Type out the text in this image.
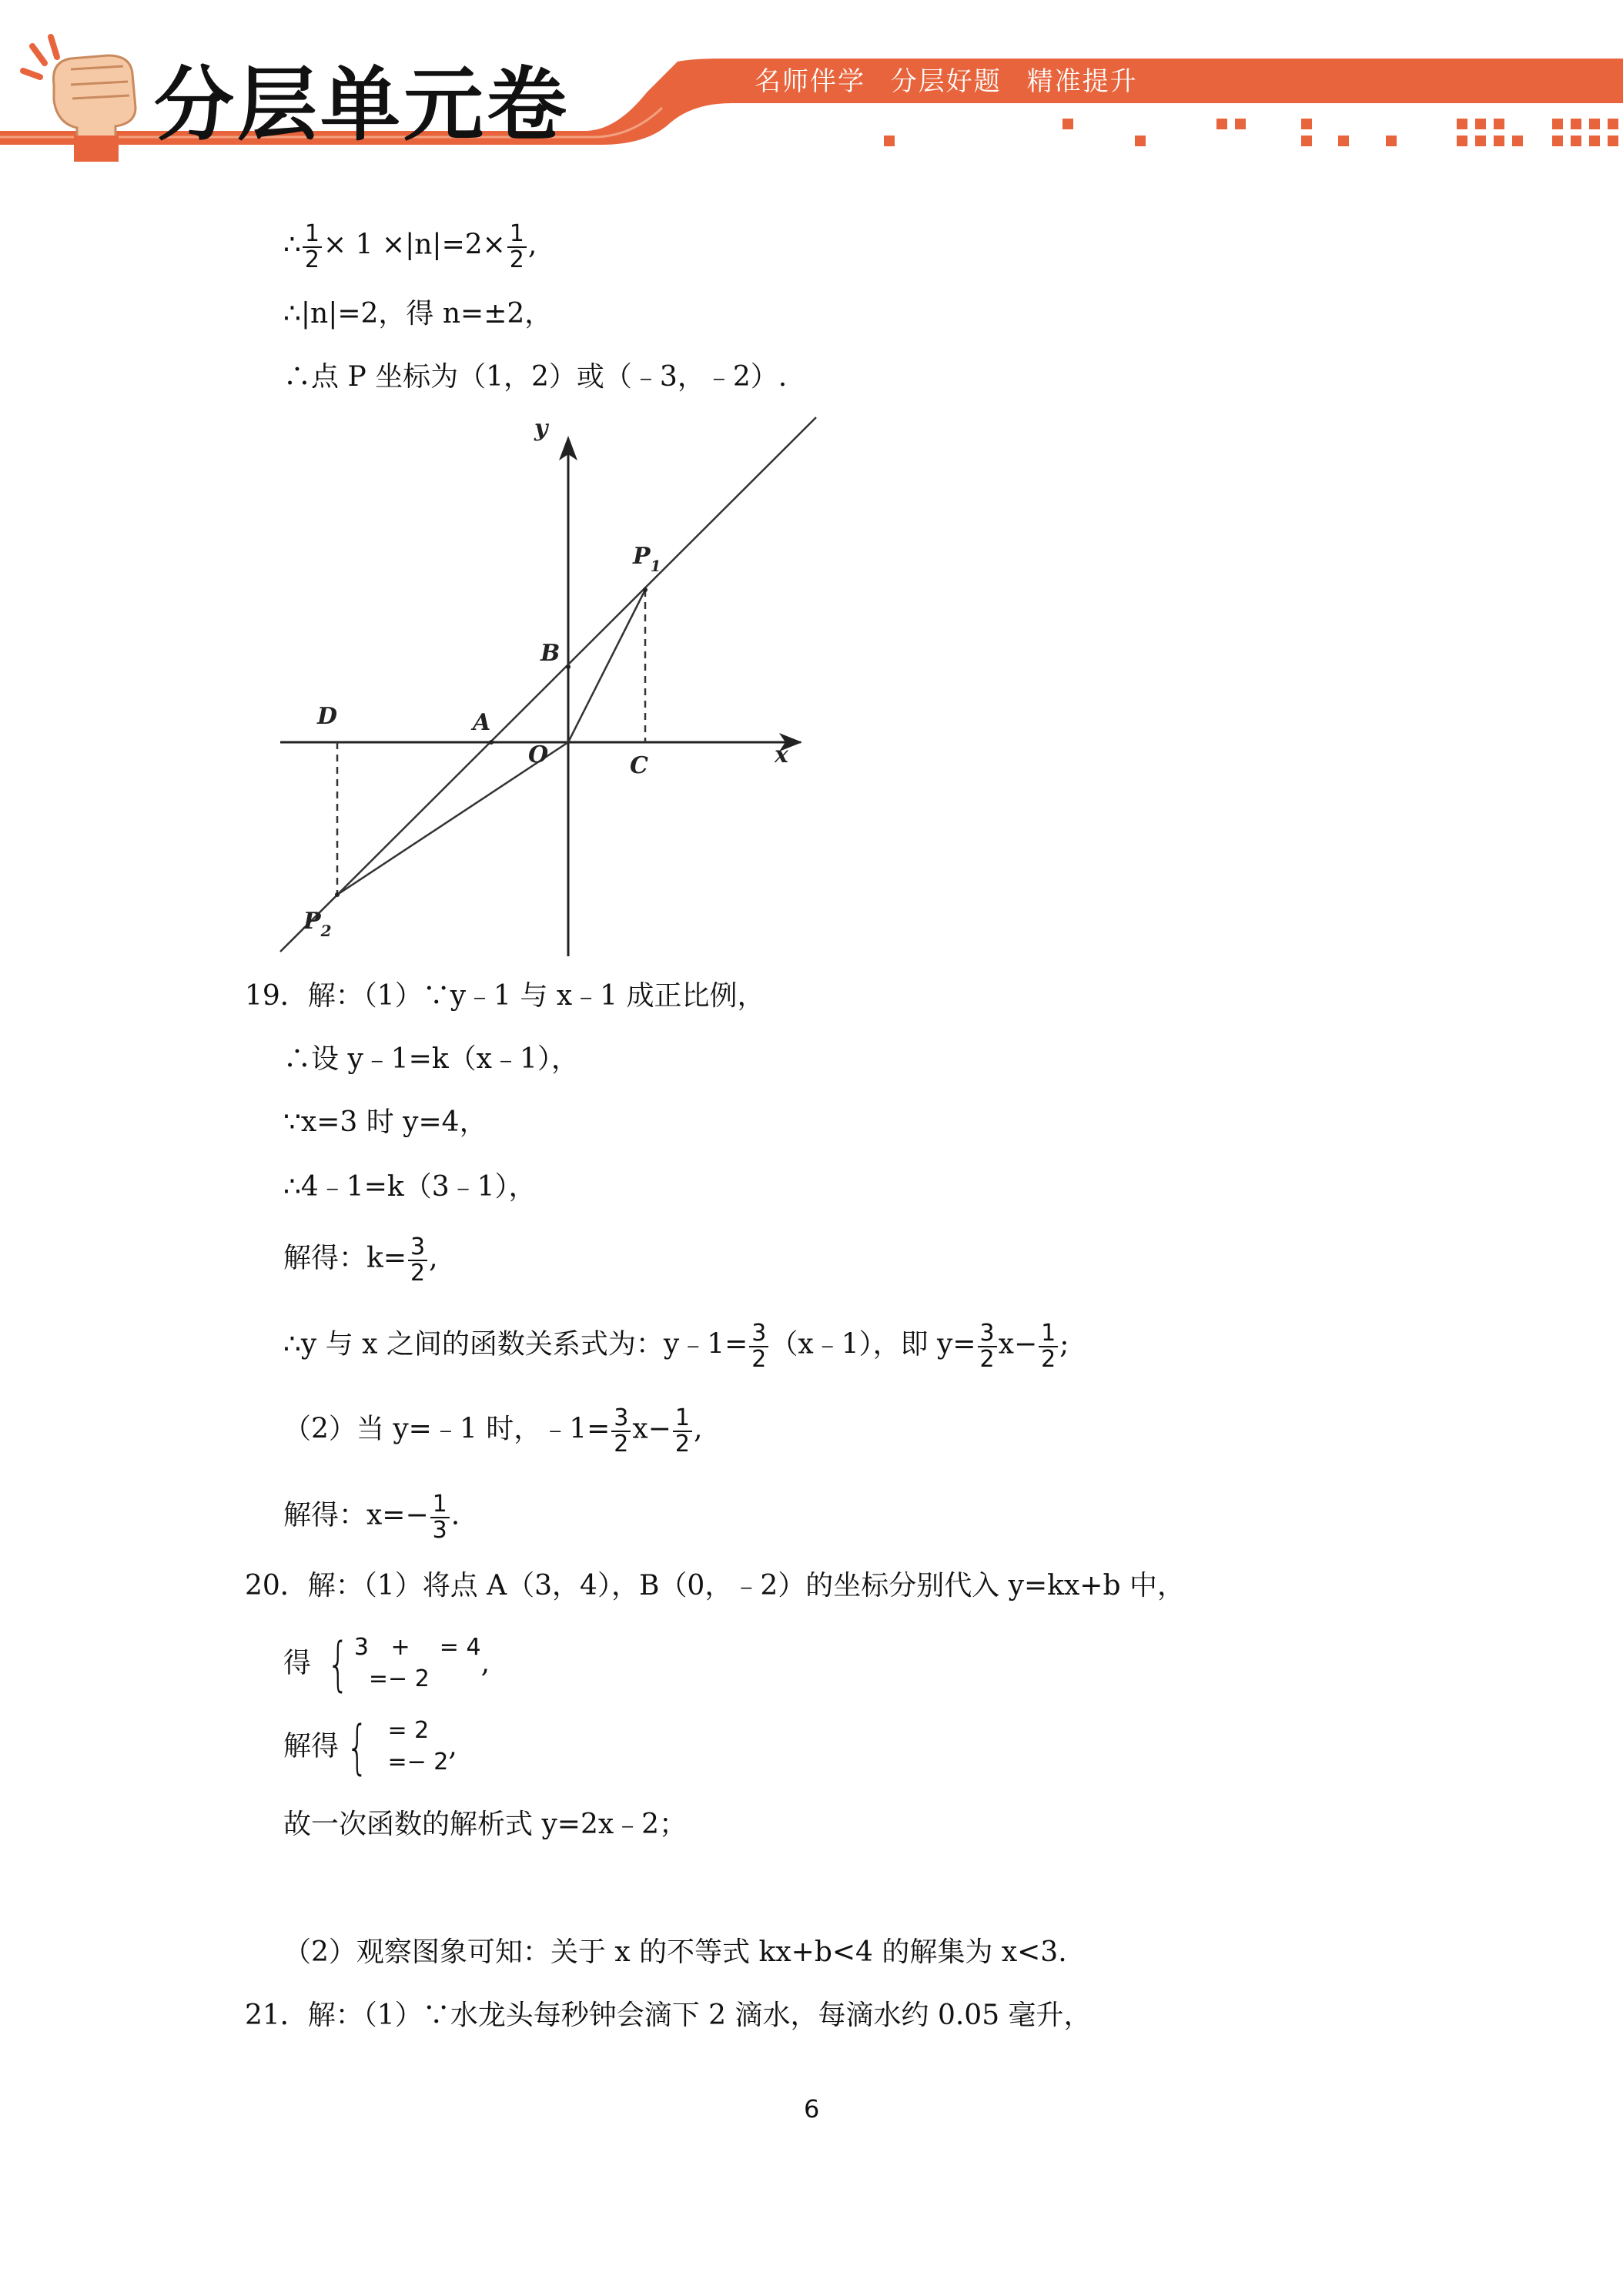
分层单元卷	名师伴学 分层好题 精准提升
∴ $\frac{1}{2} \times 1 \times|n|=2\times \frac{1}{2}$ ,
∴|n|=2，得 n=±2，
∴点 P 坐标为（1，2）或（﹣3，﹣2）.
y
x
$P_1$
B
A
D
O	C
$P_2$
19．解：（1）∵y﹣1 与 x﹣1 成正比例，
∴设 y﹣1=k（x﹣1），
∵x=3 时 y=4，
∴4﹣1=k（3﹣1），
解得：$k= \frac{3}{2}$ ,
∴y 与 x 之间的函数关系式为：y﹣1= $\frac{3}{2}$ （x﹣1），即 $y= \frac{3}{2} x- \frac{1}{2}$ ;
（2）当 y=﹣1 时，﹣1= $\frac{3}{2} x- \frac{1}{2}$ ,
解得：$x=- \frac{1}{3}$ .
20．解：（1）将点 A（3，4），B（0，﹣2）的坐标分别代入 y=kx+b 中，
得 { 3   +    = 4
=− 2	,
解得 { = 2
=− 2 ,
故一次函数的解析式 y=2x﹣2；
（2）观察图象可知：关于 x 的不等式 kx+b<4 的解集为 x<3.
21．解：（1）∵水龙头每秒钟会滴下 2 滴水，每滴水约 0.05 毫升，
6
